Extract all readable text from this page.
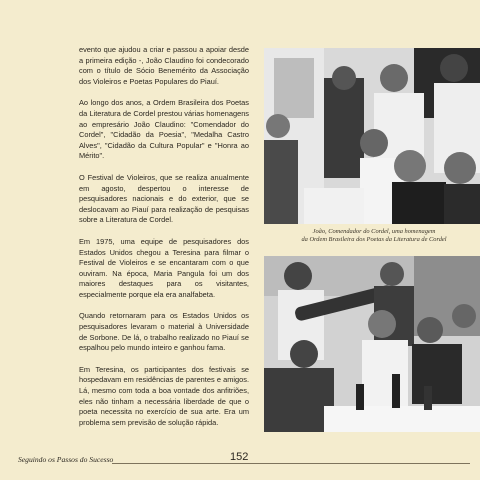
evento que ajudou a criar e passou a apoiar desde a primeira edição -, João Claudino foi condecorado com o título de Sócio Benemérito da Associação dos Violeiros e Poetas Populares do Piauí.

Ao longo dos anos, a Ordem Brasileira dos Poetas da Literatura de Cordel prestou várias homenagens ao empresário João Claudino: "Comendador do Cordel", "Cidadão da Poesia", "Medalha Castro Alves", "Cidadão da Cultura Popular" e "Honra ao Mérito".

O Festival de Violeiros, que se realiza anualmente em agosto, despertou o interesse de pesquisadores nacionais e do exterior, que se deslocavam ao Piauí para realização de pesquisas sobre a Literatura de Cordel.

Em 1975, uma equipe de pesquisadores dos Estados Unidos chegou a Teresina para filmar o Festival de Violeiros e se encantaram com o que ouviram. Na época, Maria Pangula foi um dos maiores destaques para os visitantes, especialmente porque ela era analfabeta.

Quando retornaram para os Estados Unidos os pesquisadores levaram o material à Universidade de Sorbone. De lá, o trabalho realizado no Piauí se espalhou pelo mundo inteiro e ganhou fama.

Em Teresina, os participantes dos festivais se hospedavam em residências de parentes e amigos. Lá, mesmo com toda a boa vontade dos anfitriões, eles não tinham a necessária liberdade de que o poeta necessita no exercício de sua arte. Era um problema sem previsão de solução rápida.

João, Comendador do Cordel, uma homenagem
da Ordem Brasileira dos Poetas da Literatura de Cordel
Seguindo os Passos do Sucesso	152
